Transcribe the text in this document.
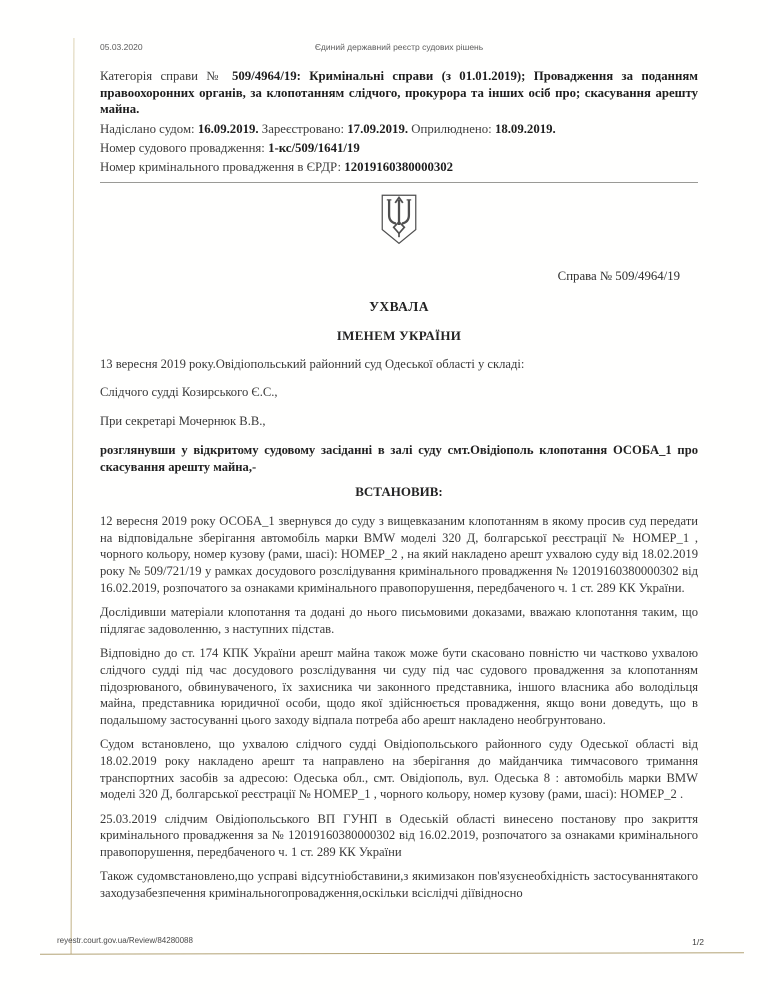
05.03.2020	Єдиний державний реєстр судових рішень
Категорія справи № 509/4964/19: Кримінальні справи (з 01.01.2019); Провадження за поданням правоохоронних органів, за клопотанням слідчого, прокурора та інших осіб про; скасування арешту майна.
Надіслано судом: 16.09.2019. Зареєстровано: 17.09.2019. Оприлюднено: 18.09.2019.
Номер судового провадження: 1-кс/509/1641/19
Номер кримінального провадження в ЄРДР: 12019160380000302
Справа № 509/4964/19
УХВАЛА
ІМЕНЕМ УКРАЇНИ
13 вересня 2019 року.Овідіопольський районний суд Одеської області у складі:
Слідчого судді Козирського Є.С.,
При секретарі Мочернюк В.В.,
розглянувши у відкритому судовому засіданні в залі суду смт.Овідіополь клопотання ОСОБА_1 про скасування арешту майна,-
ВСТАНОВИВ:
12 вересня 2019 року ОСОБА_1 звернувся до суду з вищевказаним клопотанням в якому просив суд передати на відповідальне зберігання автомобіль марки BMW моделі 320 Д, болгарської реєстрації № НОМЕР_1 , чорного кольору, номер кузову (рами, шасі): НОМЕР_2 , на який накладено арешт ухвалою суду від 18.02.2019 року № 509/721/19 у рамках досудового розслідування кримінального провадження № 12019160380000302 від 16.02.2019, розпочатого за ознаками кримінального правопорушення, передбаченого ч. 1 ст. 289 КК України.
Дослідивши матеріали клопотання та додані до нього письмовими доказами, вважаю клопотання таким, що підлягає задоволенню, з наступних підстав.
Відповідно до ст. 174 КПК України арешт майна також може бути скасовано повністю чи частково ухвалою слідчого судді під час досудового розслідування чи суду під час судового провадження за клопотанням підозрюваного, обвинуваченого, їх захисника чи законного представника, іншого власника або володільця майна, представника юридичної особи, щодо якої здійснюється провадження, якщо вони доведуть, що в подальшому застосуванні цього заходу відпала потреба або арешт накладено необгрунтовано.
Судом встановлено, що ухвалою слідчого судді Овідіопольського районного суду Одеської області від 18.02.2019 року накладено арешт та направлено на зберігання до майданчика тимчасового тримання транспортних засобів за адресою: Одеська обл., смт. Овідіополь, вул. Одеська 8 : автомобіль марки BMW моделі 320 Д, болгарської реєстрації № НОМЕР_1 , чорного кольору, номер кузову (рами, шасі): НОМЕР_2 .
25.03.2019 слідчим Овідіопольського ВП ГУНП в Одеській області винесено постанову про закриття кримінального провадження за № 12019160380000302 від 16.02.2019, розпочатого за ознаками кримінального правопорушення, передбаченого ч. 1 ст. 289 КК України
Також судомвстановлено,що усправі відсутніобставини,з якимизакон пов'язуєнеобхідність застосуваннятакого заходузабезпечення кримінальногопровадження,оскільки всіслідчі діївідносно
reyestr.court.gov.ua/Review/84280088	1/2
